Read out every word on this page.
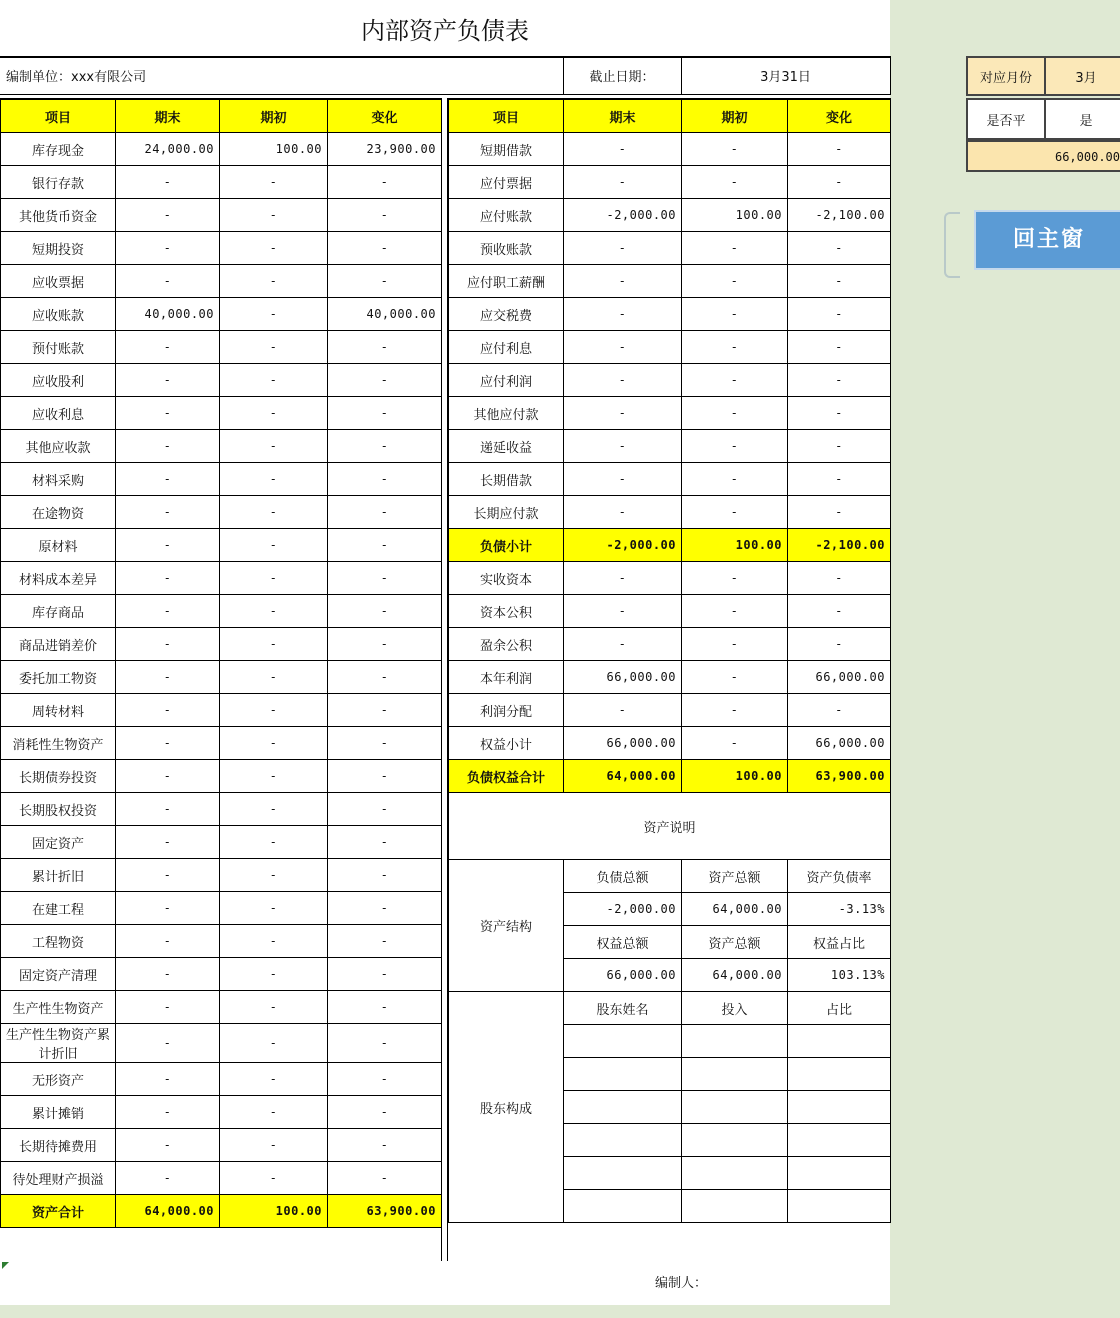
内部资产负债表
编制单位：xxx有限公司	截止日期：	3月31日
项目	期末	期初	变化
库存现金	24,000.00	100.00	23,900.00
银行存款	-	-	-
其他货币资金	-	-	-
短期投资	-	-	-
应收票据	-	-	-
应收账款	40,000.00	-	40,000.00
预付账款	-	-	-
应收股利	-	-	-
应收利息	-	-	-
其他应收款	-	-	-
材料采购	-	-	-
在途物资	-	-	-
原材料	-	-	-
材料成本差异	-	-	-
库存商品	-	-	-
商品进销差价	-	-	-
委托加工物资	-	-	-
周转材料	-	-	-
消耗性生物资产	-	-	-
长期债券投资	-	-	-
长期股权投资	-	-	-
固定资产	-	-	-
累计折旧	-	-	-
在建工程	-	-	-
工程物资	-	-	-
固定资产清理	-	-	-
生产性生物资产	-	-	-
生产性生物资产累计折旧	-	-	-
无形资产	-	-	-
累计摊销	-	-	-
长期待摊费用	-	-	-
待处理财产损溢	-	-	-
资产合计	64,000.00	100.00	63,900.00
项目	期末	期初	变化
短期借款	-	-	-
应付票据	-	-	-
应付账款	-2,000.00	100.00	-2,100.00
预收账款	-	-	-
应付职工薪酬	-	-	-
应交税费	-	-	-
应付利息	-	-	-
应付利润	-	-	-
其他应付款	-	-	-
递延收益	-	-	-
长期借款	-	-	-
长期应付款	-	-	-
负债小计	-2,000.00	100.00	-2,100.00
实收资本	-	-	-
资本公积	-	-	-
盈余公积	-	-	-
本年利润	66,000.00	-	66,000.00
利润分配	-	-	-
权益小计	66,000.00	-	66,000.00
负债权益合计	64,000.00	100.00	63,900.00
资产说明			
资产结构	负债总额	资产总额	资产负债率
	-2,000.00	64,000.00	-3.13%
	权益总额	资产总额	权益占比
	66,000.00	64,000.00	103.13%
股东构成	股东姓名	投入	占比

编制人：
对应月份	3月
是否平	是
66,000.00
回主窗
